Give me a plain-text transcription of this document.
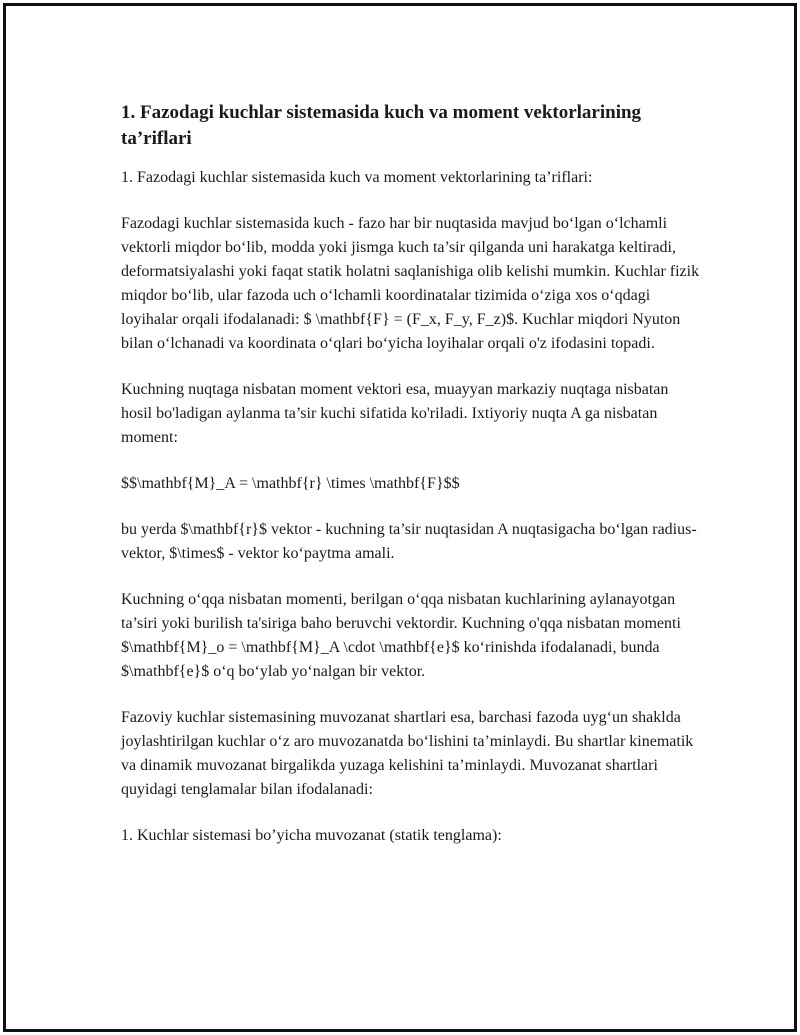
1. Fazodagi kuchlar sistemasida kuch va moment vektorlarining ta’riflari

1. Fazodagi kuchlar sistemasida kuch va moment vektorlarining ta’riflari:

Fazodagi kuchlar sistemasida kuch - fazo har bir nuqtasida mavjud bo‘lgan o‘lchamli vektorli miqdor bo‘lib, modda yoki jismga kuch ta’sir qilganda uni harakatga keltiradi, deformatsiyalashi yoki faqat statik holatni saqlanishiga olib kelishi mumkin. Kuchlar fizik miqdor bo‘lib, ular fazoda uch o‘lchamli koordinatalar tizimida o‘ziga xos o‘qdagi loyihalar orqali ifodalanadi: $ \mathbf{F} = (F_x, F_y, F_z)$. Kuchlar miqdori Nyuton bilan o‘lchanadi va koordinata o‘qlari bo‘yicha loyihalar orqali o'z ifodasini topadi.

Kuchning nuqtaga nisbatan moment vektori esa, muayyan markaziy nuqtaga nisbatan hosil bo'ladigan aylanma ta’sir kuchi sifatida ko'riladi. Ixtiyoriy nuqta A ga nisbatan moment:

$$\mathbf{M}_A = \mathbf{r} \times \mathbf{F}$$

bu yerda $\mathbf{r}$ vektor - kuchning ta’sir nuqtasidan A nuqtasigacha bo‘lgan radius-vektor, $\times$ - vektor ko‘paytma amali.

Kuchning o‘qqa nisbatan momenti, berilgan o‘qqa nisbatan kuchlarining aylanayotgan ta’siri yoki burilish ta'siriga baho beruvchi vektordir. Kuchning o'qqa nisbatan momenti $\mathbf{M}_o = \mathbf{M}_A \cdot \mathbf{e}$ ko‘rinishda ifodalanadi, bunda $\mathbf{e}$ o‘q bo‘ylab yo‘nalgan bir vektor.

Fazoviy kuchlar sistemasining muvozanat shartlari esa, barchasi fazoda uyg‘un shaklda joylashtirilgan kuchlar o‘z aro muvozanatda bo‘lishini ta’minlaydi. Bu shartlar kinematik va dinamik muvozanat birgalikda yuzaga kelishini ta’minlaydi. Muvozanat shartlari quyidagi tenglamalar bilan ifodalanadi:

1. Kuchlar sistemasi bo’yicha muvozanat (statik tenglama):
